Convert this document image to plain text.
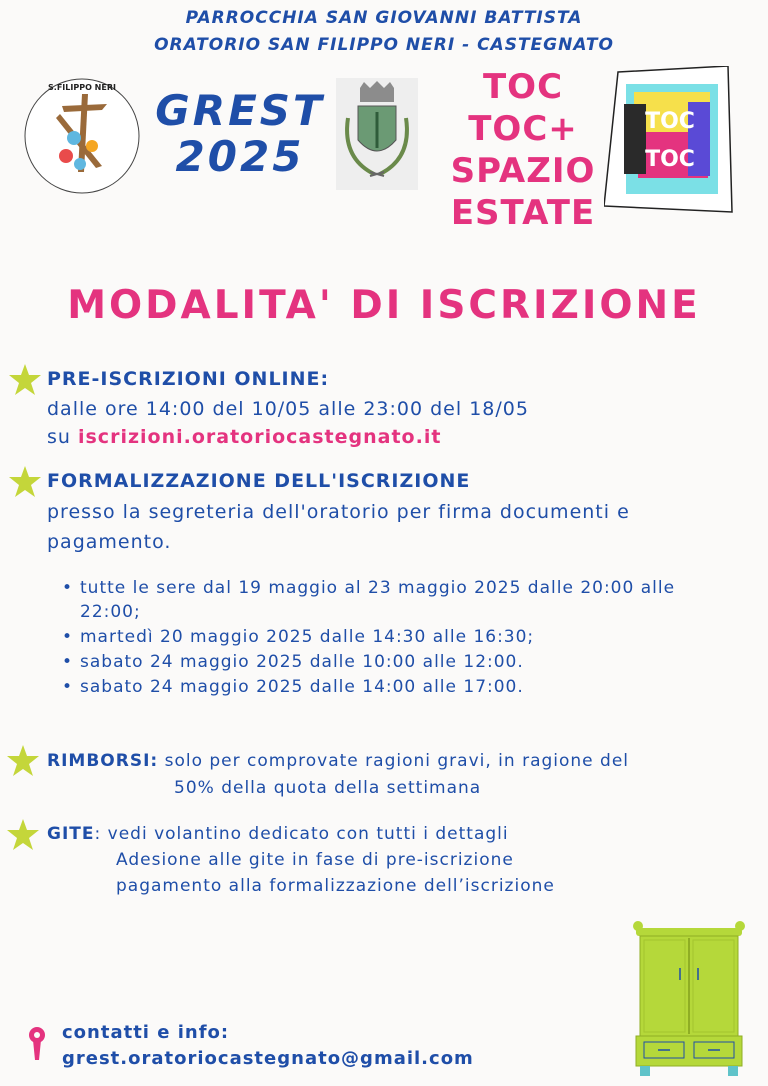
PARROCCHIA SAN GIOVANNI BATTISTA
ORATORIO SAN FILIPPO NERI - CASTEGNATO
S.FILIPPO NERI GREST
2025
TOC
TOC+
SPAZIO
ESTATE
TOC
TOC
MODALITA' DI ISCRIZIONE
PRE-ISCRIZIONI ONLINE:
dalle ore 14:00 del 10/05 alle 23:00 del 18/05
su iscrizioni.oratoriocastegnato.it
FORMALIZZAZIONE DELL'ISCRIZIONE
presso la segreteria dell'oratorio per firma documenti e
pagamento.
• tutte le sere dal 19 maggio al 23 maggio 2025 dalle 20:00 alle 22:00;
• martedì 20 maggio 2025 dalle 14:30 alle 16:30;
• sabato 24 maggio 2025 dalle 10:00 alle 12:00.
• sabato 24 maggio 2025 dalle 14:00 alle 17:00.
RIMBORSI: solo per comprovate ragioni gravi, in ragione del
50% della quota della settimana
GITE: vedi volantino dedicato con tutti i dettagli
Adesione alle gite in fase di pre-iscrizione
pagamento alla formalizzazione dell’iscrizione
contatti e info:
grest.oratoriocastegnato@gmail.com
